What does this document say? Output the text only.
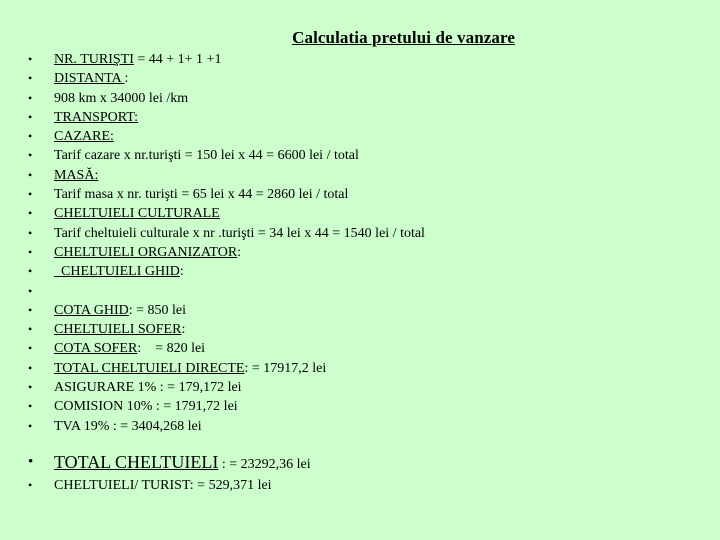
Calculatia pretului de vanzare
• NR. TURIŞTI = 44 + 1+ 1 +1
• DISTANTA :
• 908 km x 34000 lei /km
• TRANSPORT:
• CAZARE:
• Tarif cazare x nr.turişti = 150 lei x 44 = 6600 lei / total
• MASĂ:
• Tarif masa x nr. turişti = 65 lei x 44 = 2860 lei / total
• CHELTUIELI CULTURALE
• Tarif cheltuieli culturale x nr .turişti = 34 lei x 44 = 1540 lei / total
• CHELTUIELI ORGANIZATOR:
• CHELTUIELI GHID:
•
• COTA GHID: = 850 lei
• CHELTUIELI SOFER:
• COTA SOFER:    = 820 lei
• TOTAL CHELTUIELI DIRECTE: = 17917,2 lei
• ASIGURARE 1% : = 179,172 lei
• COMISION 10% : = 1791,72 lei
• TVA 19% : = 3404,268 lei
• TOTAL CHELTUIELI : = 23292,36 lei
• CHELTUIELI/ TURIST: = 529,371 lei
